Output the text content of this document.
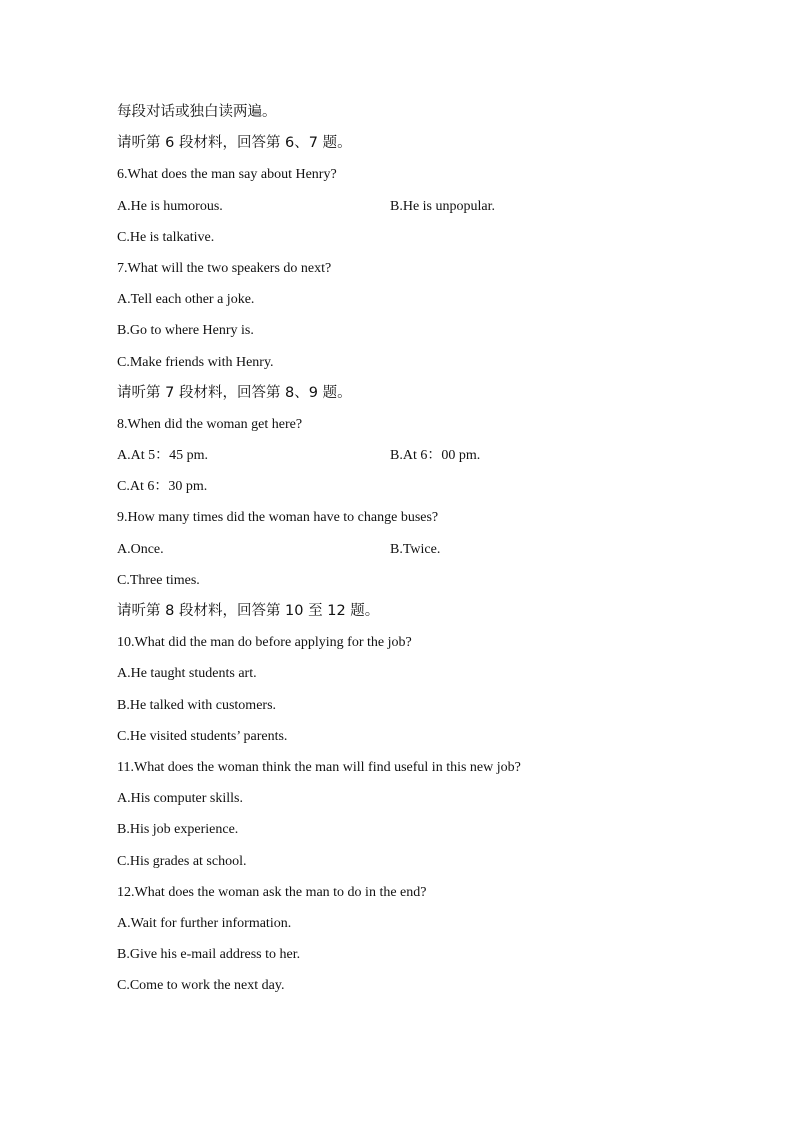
每段对话或独白读两遍。
请听第 6 段材料，回答第 6、7 题。
6.What does the man say about Henry?
A.He is humorous.	B.He is unpopular.
C.He is talkative.
7.What will the two speakers do next?
A.Tell each other a joke.
B.Go to where Henry is.
C.Make friends with Henry.
请听第 7 段材料，回答第 8、9 题。
8.When did the woman get here?
A.At 5：45 pm.	B.At 6：00 pm.
C.At 6：30 pm.
9.How many times did the woman have to change buses?
A.Once.	B.Twice.
C.Three times.
请听第 8 段材料，回答第 10 至 12 题。
10.What did the man do before applying for the job?
A.He taught students art.
B.He talked with customers.
C.He visited students’ parents.
11.What does the woman think the man will find useful in this new job?
A.His computer skills.
B.His job experience.
C.His grades at school.
12.What does the woman ask the man to do in the end?
A.Wait for further information.
B.Give his e-mail address to her.
C.Come to work the next day.
